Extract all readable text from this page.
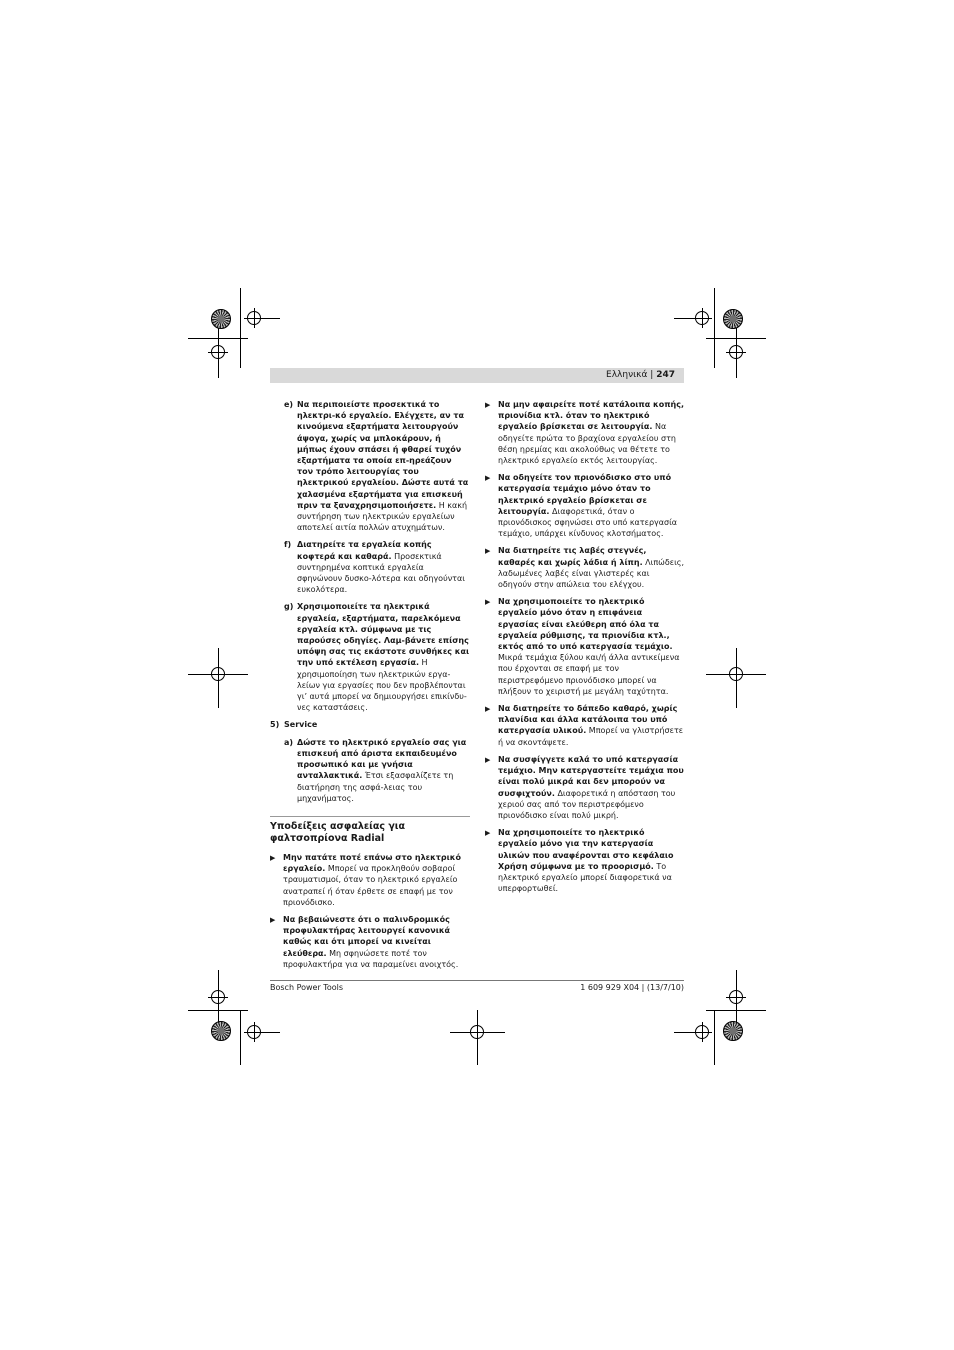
Ελληνικά | 247
e) Να περιποιείστε προσεκτικά το ηλεκτρι-κό εργαλείο. Ελέγχετε, αν τα κινούμενα εξαρτήματα λειτουργούν άψογα, χωρίς να μπλοκάρουν, ή μήπως έχουν σπάσει ή φθαρεί τυχόν εξαρτήματα τα οποία επ-ηρεάζουν τον τρόπο λειτουργίας του ηλεκτρικού εργαλείου. Δώστε αυτά τα χαλασμένα εξαρτήματα για επισκευή πριν τα ξαναχρησιμοποιήσετε. Η κακή συντήρηση των ηλεκτρικών εργαλείων αποτελεί αιτία πολλών ατυχημάτων.
f) Διατηρείτε τα εργαλεία κοπής κοφτερά και καθαρά. Προσεκτικά συντηρημένα κοπτικά εργαλεία σφηνώνουν δυσκο-λότερα και οδηγούνται ευκολότερα.
g) Χρησιμοποιείτε τα ηλεκτρικά εργαλεία, εξαρτήματα, παρελκόμενα εργαλεία κτλ. σύμφωνα με τις παρούσες οδηγίες. Λαμ-βάνετε επίσης υπόψη σας τις εκάστοτε συνθήκες και την υπό εκτέλεση εργασία. Η χρησιμοποίηση των ηλεκτρικών εργα-λείων για εργασίες που δεν προβλέπονται γι’ αυτά μπορεί να δημιουργήσει επικίνδυ-νες καταστάσεις.
5) Service
a) Δώστε το ηλεκτρικό εργαλείο σας για επισκευή από άριστα εκπαιδευμένο προσωπικό και με γνήσια ανταλλακτικά. Έτσι εξασφαλίζετε τη διατήρηση της ασφά-λειας του μηχανήματος.
Υποδείξεις ασφαλείας για φαλτσοπρίονα Radial
▶ Μην πατάτε ποτέ επάνω στο ηλεκτρικό εργαλείο. Μπορεί να προκληθούν σοβαροί τραυματισμοί, όταν το ηλεκτρικό εργαλείο ανατραπεί ή όταν έρθετε σε επαφή με τον πριονόδισκο.
▶ Να βεβαιώνεστε ότι ο παλινδρομικός προφυλακτήρας λειτουργεί κανονικά καθώς και ότι μπορεί να κινείται ελεύθερα. Μη σφηνώσετε ποτέ τον προφυλακτήρα για να παραμείνει ανοιχτός.
▶ Να μην αφαιρείτε ποτέ κατάλοιπα κοπής, πριονίδια κτλ. όταν το ηλεκτρικό εργαλείο βρίσκεται σε λειτουργία. Να οδηγείτε πρώτα το βραχίονα εργαλείου στη θέση ηρεμίας και ακολούθως να θέτετε το ηλεκτρικό εργαλείο εκτός λειτουργίας.
▶ Να οδηγείτε τον πριονόδισκο στο υπό κατεργασία τεμάχιο μόνο όταν το ηλεκτρικό εργαλείο βρίσκεται σε λειτουργία. Διαφορετικά, όταν ο πριονόδισκος σφηνώσει στο υπό κατεργασία τεμάχιο, υπάρχει κίνδυνος κλοτσήματος.
▶ Να διατηρείτε τις λαβές στεγνές, καθαρές και χωρίς λάδια ή λίπη. Λιπώδεις, λαδωμένες λαβές είναι γλιστερές και οδηγούν στην απώλεια του ελέγχου.
▶ Να χρησιμοποιείτε το ηλεκτρικό εργαλείο μόνο όταν η επιφάνεια εργασίας είναι ελεύθερη από όλα τα εργαλεία ρύθμισης, τα πριονίδια κτλ., εκτός από το υπό κατεργασία τεμάχιο. Μικρά τεμάχια ξύλου και/ή άλλα αντικείμενα που έρχονται σε επαφή με τον περιστρεφόμενο πριονόδισκο μπορεί να πλήξουν το χειριστή με μεγάλη ταχύτητα.
▶ Να διατηρείτε το δάπεδο καθαρό, χωρίς πλανίδια και άλλα κατάλοιπα του υπό κατεργασία υλικού. Μπορεί να γλιστρήσετε ή να σκοντάψετε.
▶ Να συσφίγγετε καλά το υπό κατεργασία τεμάχιο. Μην κατεργαστείτε τεμάχια που είναι πολύ μικρά και δεν μπορούν να συσφιχτούν. Διαφορετικά η απόσταση του χεριού σας από τον περιστρεφόμενο πριονόδισκο είναι πολύ μικρή.
▶ Να χρησιμοποιείτε το ηλεκτρικό εργαλείο μόνο για την κατεργασία υλικών που αναφέρονται στο κεφάλαιο Χρήση σύμφωνα με το προορισμό. Το ηλεκτρικό εργαλείο μπορεί διαφορετικά να υπερφορτωθεί.
Bosch Power Tools	1 609 929 X04 | (13/7/10)
